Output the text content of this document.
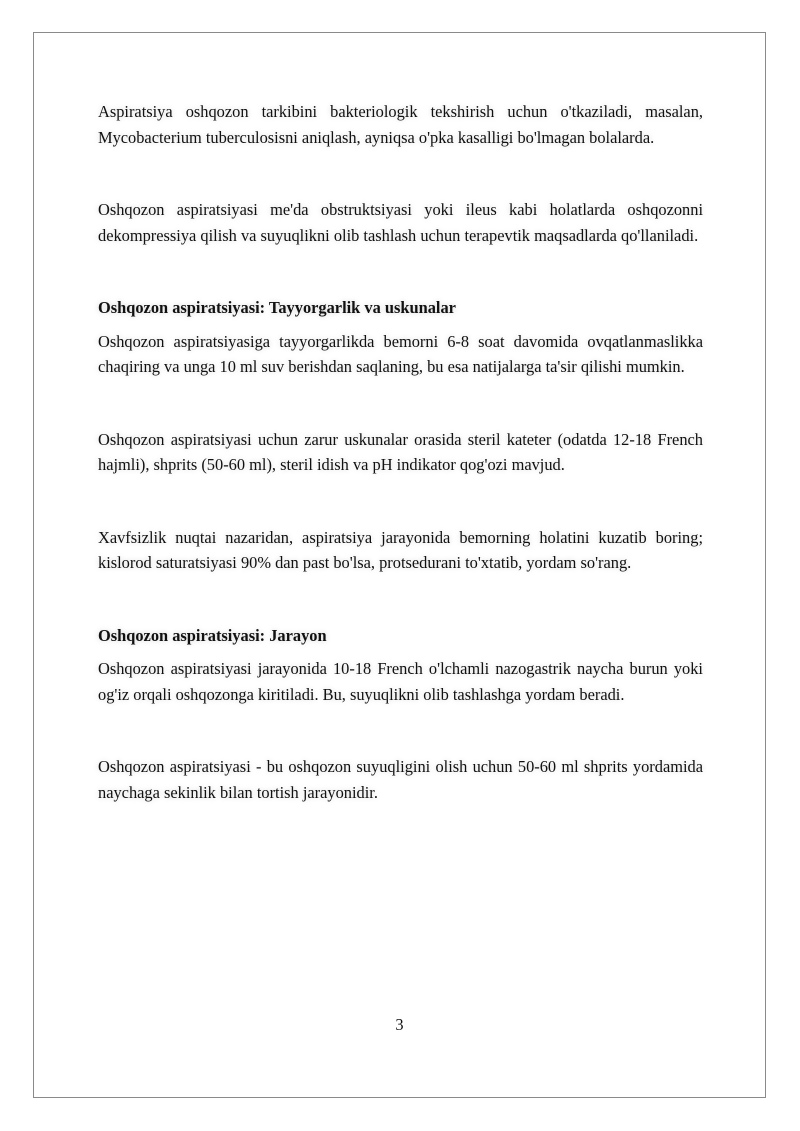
Aspiratsiya oshqozon tarkibini bakteriologik tekshirish uchun o'tkaziladi, masalan, Mycobacterium tuberculosisni aniqlash, ayniqsa o'pka kasalligi bo'lmagan bolalarda.

Oshqozon aspiratsiyasi me'da obstruktsiyasi yoki ileus kabi holatlarda oshqozonni dekompressiya qilish va suyuqlikni olib tashlash uchun terapevtik maqsadlarda qo'llaniladi.

Oshqozon aspiratsiyasi: Tayyorgarlik va uskunalar

Oshqozon aspiratsiyasiga tayyorgarlikda bemorni 6-8 soat davomida ovqatlanmaslikka chaqiring va unga 10 ml suv berishdan saqlaning, bu esa natijalarga ta'sir qilishi mumkin.

Oshqozon aspiratsiyasi uchun zarur uskunalar orasida steril kateter (odatda 12-18 French hajmli), shprits (50-60 ml), steril idish va pH indikator qog'ozi mavjud.

Xavfsizlik nuqtai nazaridan, aspiratsiya jarayonida bemorning holatini kuzatib boring; kislorod saturatsiyasi 90% dan past bo'lsa, protsedurani to'xtatib, yordam so'rang.

Oshqozon aspiratsiyasi: Jarayon

Oshqozon aspiratsiyasi jarayonida 10-18 French o'lchamli nazogastrik naycha burun yoki og'iz orqali oshqozonga kiritiladi. Bu, suyuqlikni olib tashlashga yordam beradi.

Oshqozon aspiratsiyasi - bu oshqozon suyuqligini olish uchun 50-60 ml shprits yordamida naychaga sekinlik bilan tortish jarayonidir.

3
